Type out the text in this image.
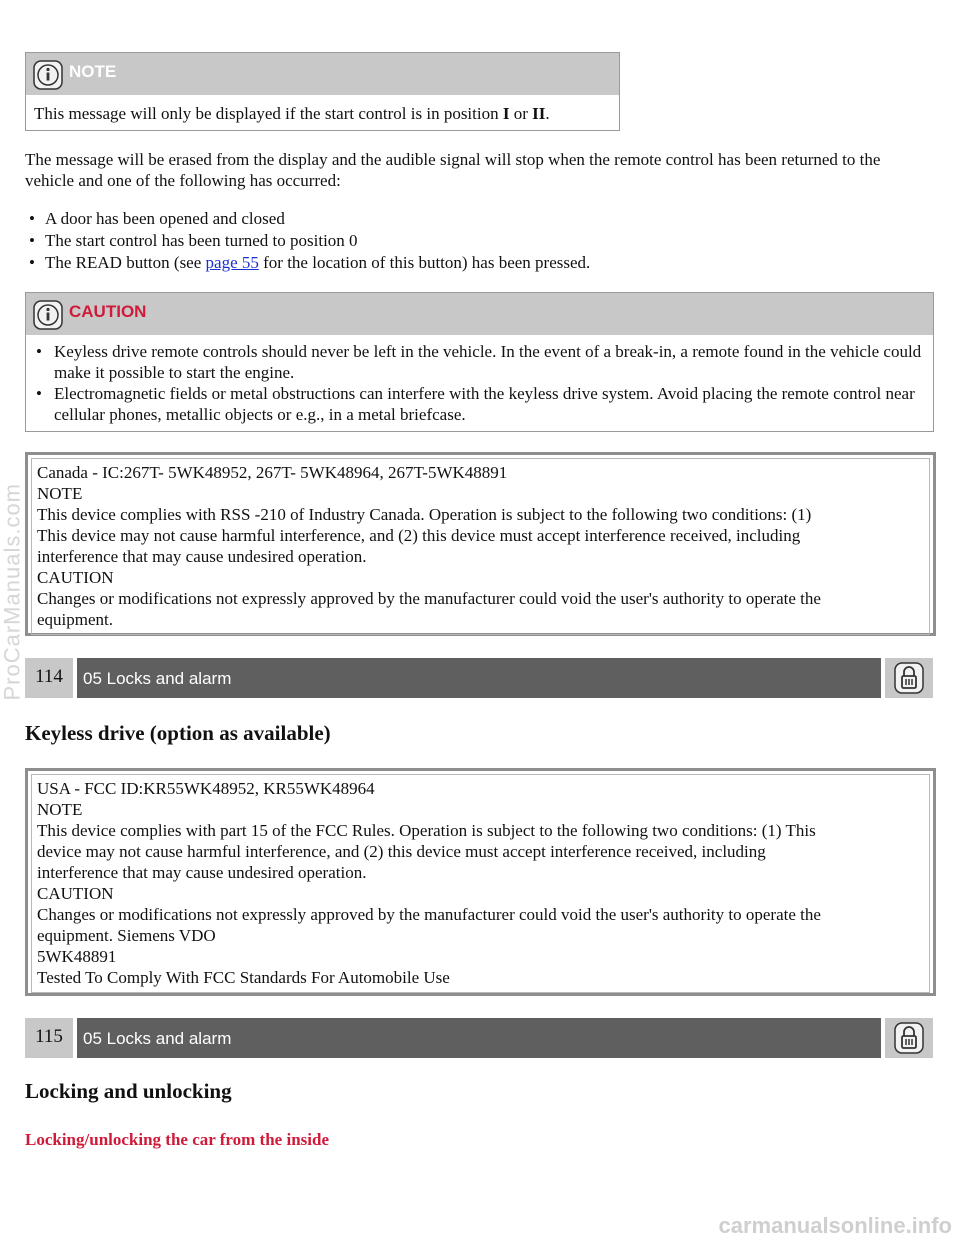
NOTE
This message will only be displayed if the start control is in position I or II.
The message will be erased from the display and the audible signal will stop when the remote control has been returned to the vehicle and one of the following has occurred:
• A door has been opened and closed
• The start control has been turned to position 0
• The READ button (see page 55 for the location of this button) has been pressed.
CAUTION
• Keyless drive remote controls should never be left in the vehicle. In the event of a break-in, a remote found in the vehicle could make it possible to start the engine.
• Electromagnetic fields or metal obstructions can interfere with the keyless drive system. Avoid placing the remote control near cellular phones, metallic objects or e.g., in a metal briefcase.
Canada - IC:267T- 5WK48952, 267T- 5WK48964, 267T-5WK48891
NOTE
This device complies with RSS -210 of Industry Canada. Operation is subject to the following two conditions: (1)
This device may not cause harmful interference, and (2) this device must accept interference received, including
interference that may cause undesired operation.
CAUTION
Changes or modifications not expressly approved by the manufacturer could void the user's authority to operate the
equipment.
114	05 Locks and alarm
Keyless drive (option as available)
USA - FCC ID:KR55WK48952, KR55WK48964
NOTE
This device complies with part 15 of the FCC Rules. Operation is subject to the following two conditions: (1) This
device may not cause harmful interference, and (2) this device must accept interference received, including
interference that may cause undesired operation.
CAUTION
Changes or modifications not expressly approved by the manufacturer could void the user's authority to operate the
equipment. Siemens VDO
5WK48891
Tested To Comply With FCC Standards For Automobile Use
115	05 Locks and alarm
Locking and unlocking
Locking/unlocking the car from the inside
ProCarManuals.com
carmanualsonline.info
